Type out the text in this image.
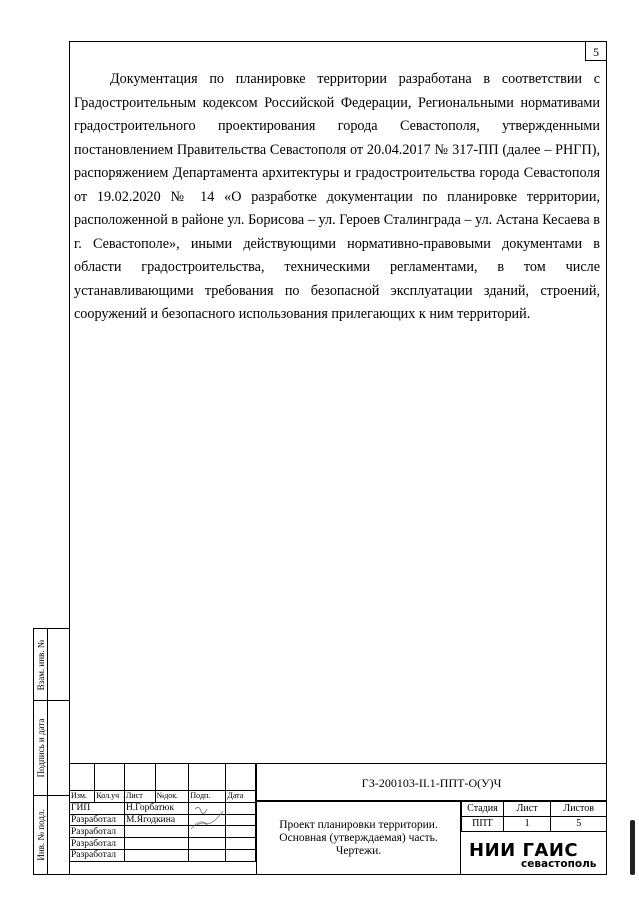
5

Документация по планировке территории разработана в соответствии с Градостроительным кодексом Российской Федерации, Региональными нормативами градостроительного проектирования города Севастополя, утвержденными постановлением Правительства Севастополя от 20.04.2017 № 317-ПП (далее – РНГП), распоряжением Департамента архитектуры и градостроительства города Севастополя от 19.02.2020 № 14 «О разработке документации по планировке территории, расположенной в районе ул. Борисова – ул. Героев Сталинграда – ул. Астана Кесаева в г. Севастополе», иными действующими нормативно-правовыми документами в области градостроительства, техническими регламентами, в том числе устанавливающими требования по безопасной эксплуатации зданий, строений, сооружений и безопасного использования прилегающих к ним территорий.

Взам. инв. №
Подпись и дата
Инв. № подл.

Изм.	Кол.уч	Лист	№док.	Подп.	Дата
ГИП		Н.Горбатюк			
Разработал		М.Ягодкина			
Разработал					
Разработал					
Разработал					
ГЗ-200103-II.1-ППТ-О(У)Ч
Проект планировки территории.
Основная (утверждаемая) часть.
Чертежи.
Стадия	Лист	Листов
ППТ	1	5
НИИ ГАИС
севастополь
